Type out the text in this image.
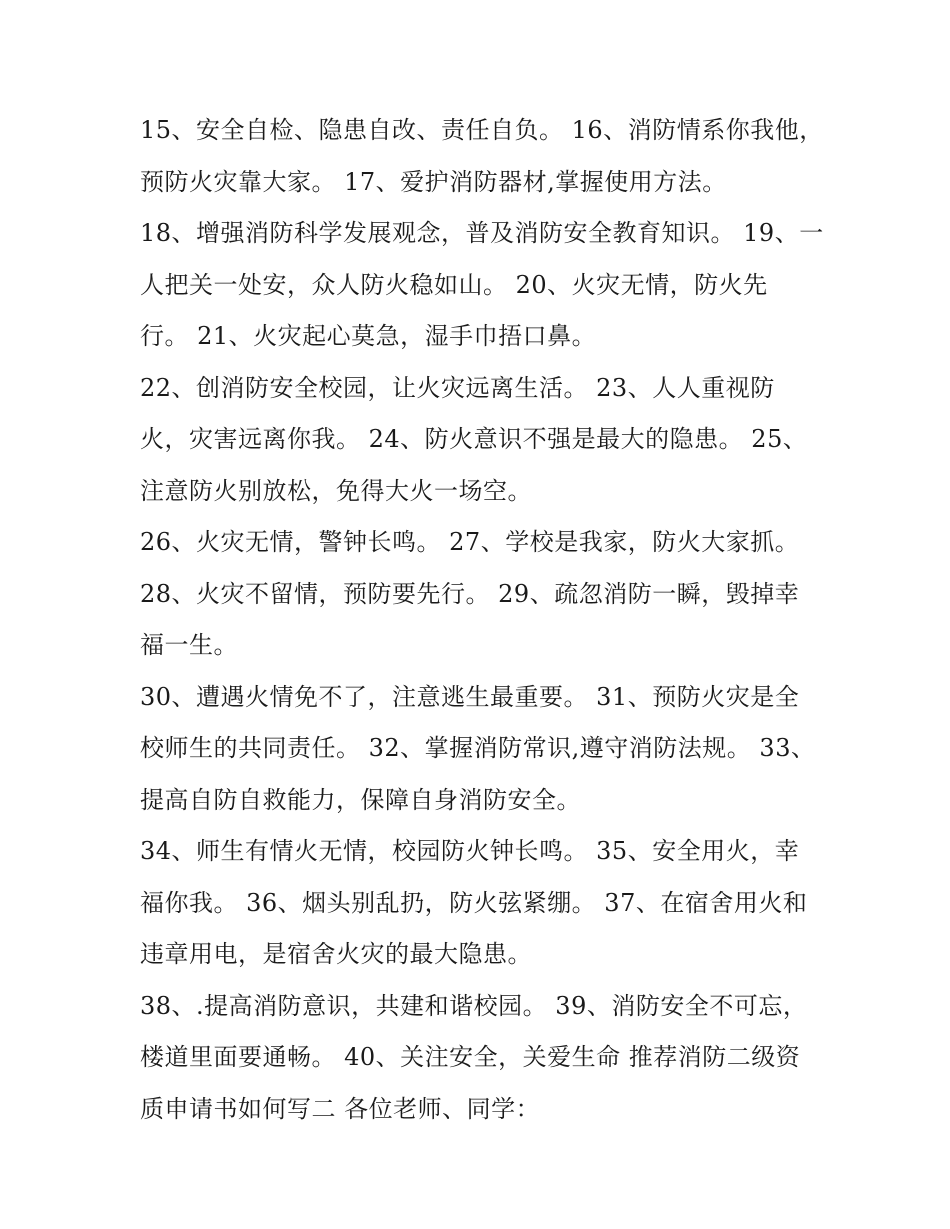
15、安全自检、隐患自改、责任自负。 16、消防情系你我他，
预防火灾靠大家。 17、爱护消防器材,掌握使用方法。
18、增强消防科学发展观念，普及消防安全教育知识。 19、一
人把关一处安，众人防火稳如山。 20、火灾无情，防火先
行。 21、火灾起心莫急，湿手巾捂口鼻。
22、创消防安全校园，让火灾远离生活。 23、人人重视防
火，灾害远离你我。 24、防火意识不强是最大的隐患。 25、
注意防火别放松，免得大火一场空。
26、火灾无情，警钟长鸣。 27、学校是我家，防火大家抓。
28、火灾不留情，预防要先行。 29、疏忽消防一瞬，毁掉幸
福一生。
30、遭遇火情免不了，注意逃生最重要。 31、预防火灾是全
校师生的共同责任。 32、掌握消防常识,遵守消防法规。 33、
提高自防自救能力，保障自身消防安全。
34、师生有情火无情，校园防火钟长鸣。 35、安全用火，幸
福你我。 36、烟头别乱扔，防火弦紧绷。 37、在宿舍用火和
违章用电，是宿舍火灾的最大隐患。
38、.提高消防意识，共建和谐校园。 39、消防安全不可忘，
楼道里面要通畅。 40、关注安全，关爱生命 推荐消防二级资
质申请书如何写二 各位老师、同学：
